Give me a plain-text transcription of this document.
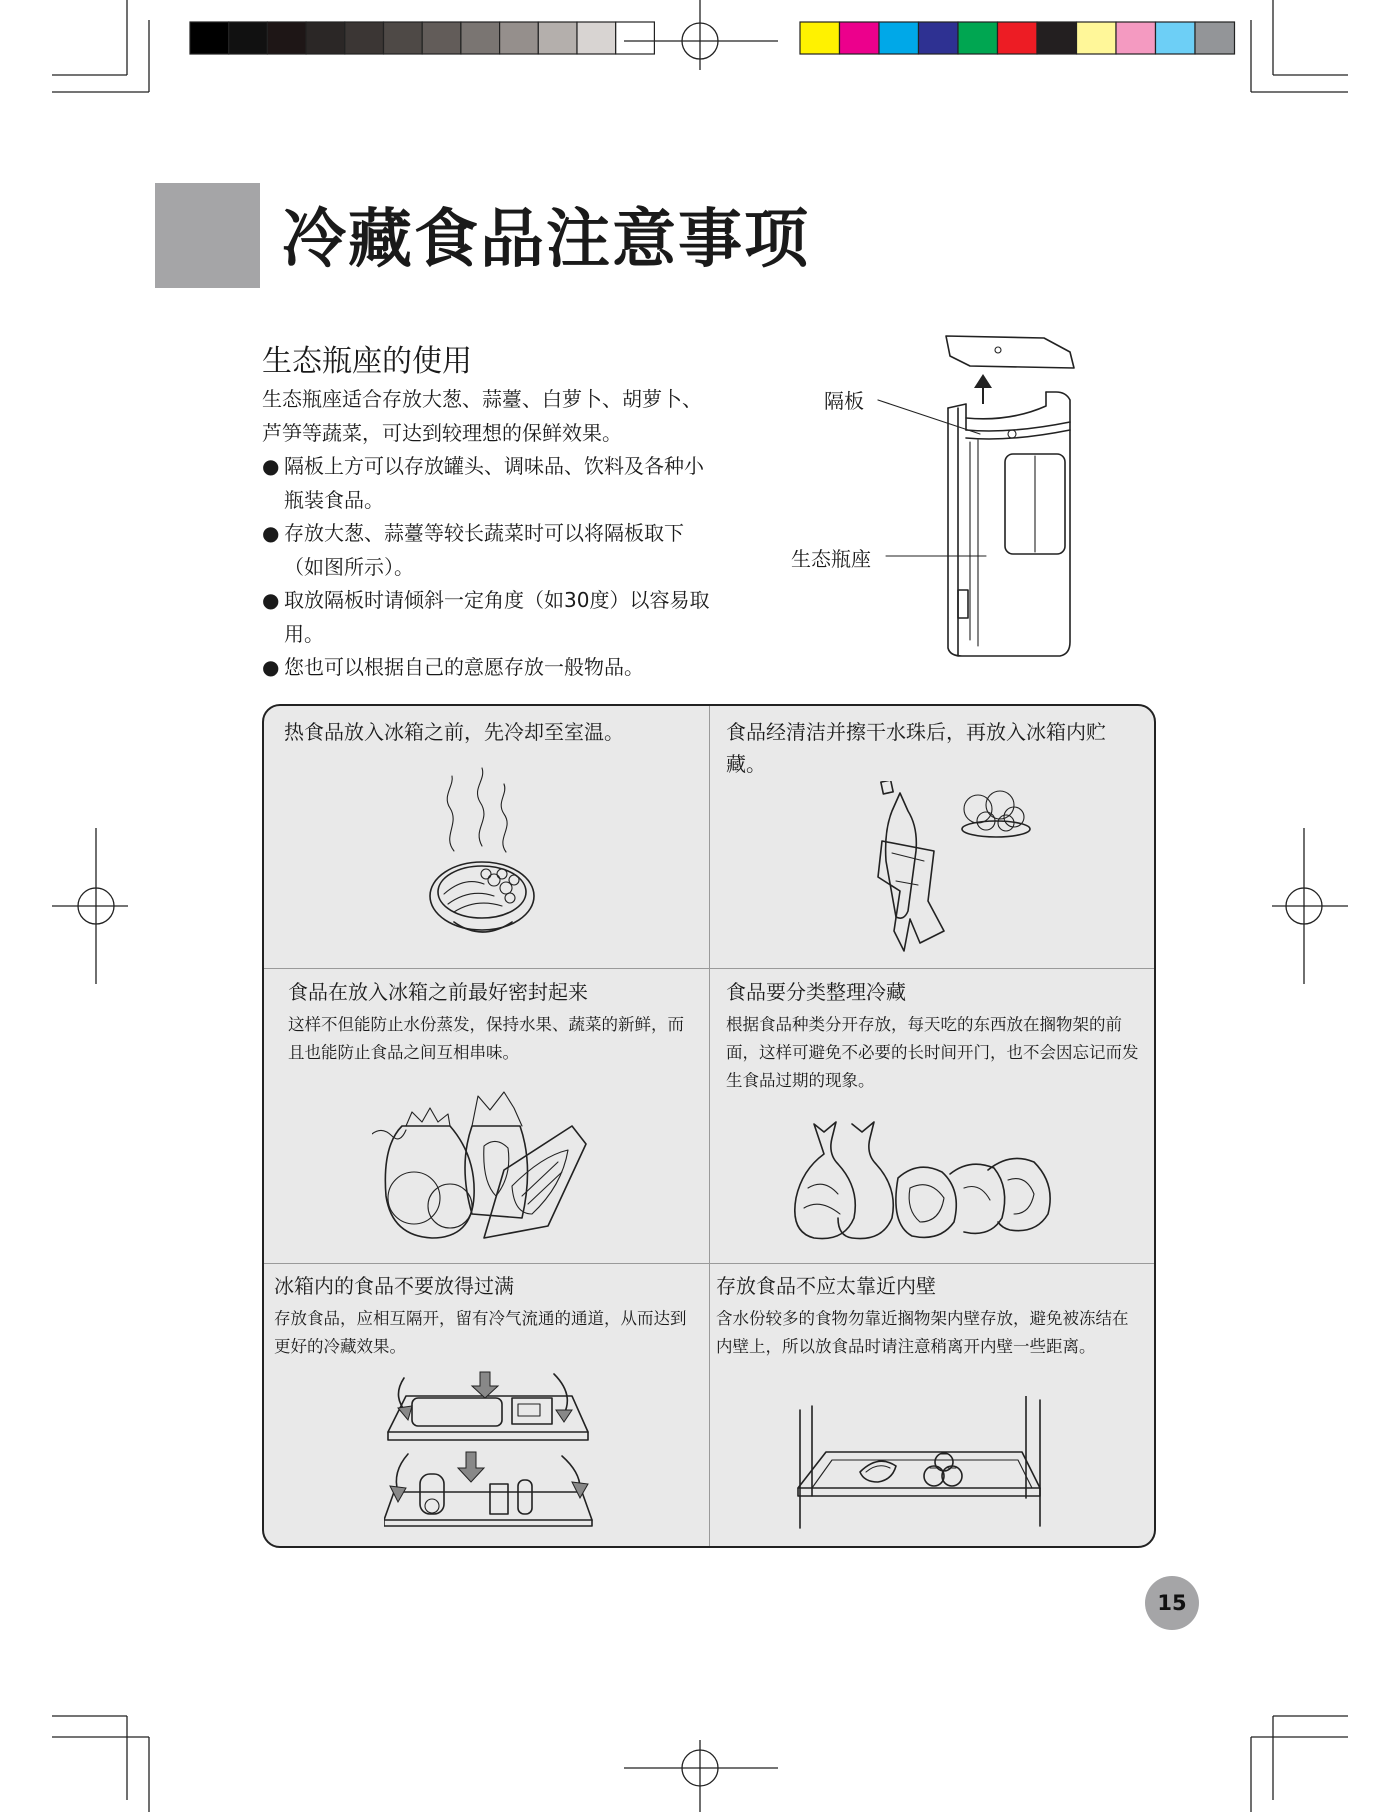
冷藏食品注意事项
生态瓶座的使用

生态瓶座适合存放大葱、蒜薹、白萝卜、胡萝卜、芦笋等蔬菜，可达到较理想的保鲜效果。

● 隔板上方可以存放罐头、调味品、饮料及各种小瓶装食品。
● 存放大葱、蒜薹等较长蔬菜时可以将隔板取下（如图所示）。
● 取放隔板时请倾斜一定角度（如30度）以容易取用。
● 您也可以根据自己的意愿存放一般物品。
隔板
生态瓶座

热食品放入冰箱之前，先冷却至室温。	食品经清洁并擦干水珠后，再放入冰箱内贮藏。

食品在放入冰箱之前最好密封起来

这样不但能防止水份蒸发，保持水果、蔬菜的新鲜，而且也能防止食品之间互相串味。

食品要分类整理冷藏

根据食品种类分开存放，每天吃的东西放在搁物架的前面，这样可避免不必要的长时间开门，也不会因忘记而发生食品过期的现象。

冰箱内的食品不要放得过满

存放食品，应相互隔开，留有冷气流通的通道，从而达到更好的冷藏效果。

存放食品不应太靠近内壁

含水份较多的食物勿靠近搁物架内壁存放，避免被冻结在内壁上，所以放食品时请注意稍离开内壁一些距离。

15
